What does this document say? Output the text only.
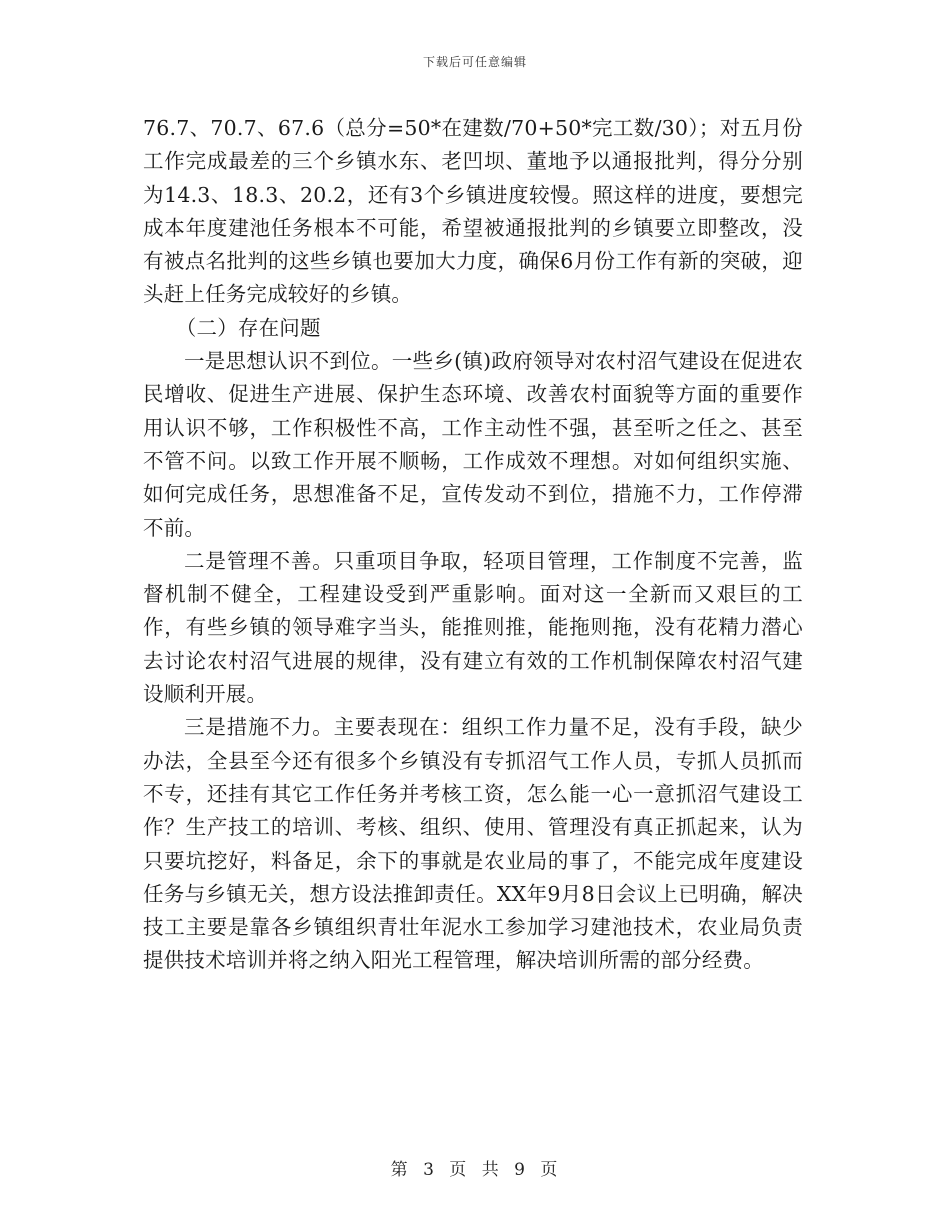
下载后可任意编辑

76.7、70.7、67.6（总分=50*在建数/70+50*完工数/30）；对五月份工作完成最差的三个乡镇水东、老凹坝、董地予以通报批判，得分分别为14.3、18.3、20.2，还有3个乡镇进度较慢。照这样的进度，要想完成本年度建池任务根本不可能，希望被通报批判的乡镇要立即整改，没有被点名批判的这些乡镇也要加大力度，确保6月份工作有新的突破，迎头赶上任务完成较好的乡镇。

（二）存在问题

一是思想认识不到位。一些乡(镇)政府领导对农村沼气建设在促进农民增收、促进生产进展、保护生态环境、改善农村面貌等方面的重要作用认识不够，工作积极性不高，工作主动性不强，甚至听之任之、甚至不管不问。以致工作开展不顺畅，工作成效不理想。对如何组织实施、如何完成任务，思想准备不足，宣传发动不到位，措施不力，工作停滞不前。

二是管理不善。只重项目争取，轻项目管理，工作制度不完善，监督机制不健全，工程建设受到严重影响。面对这一全新而又艰巨的工作，有些乡镇的领导难字当头，能推则推，能拖则拖，没有花精力潜心去讨论农村沼气进展的规律，没有建立有效的工作机制保障农村沼气建设顺利开展。

三是措施不力。主要表现在：组织工作力量不足，没有手段，缺少办法，全县至今还有很多个乡镇没有专抓沼气工作人员，专抓人员抓而不专，还挂有其它工作任务并考核工资，怎么能一心一意抓沼气建设工作？生产技工的培训、考核、组织、使用、管理没有真正抓起来，认为只要坑挖好，料备足，余下的事就是农业局的事了，不能完成年度建设任务与乡镇无关，想方设法推卸责任。XX年9月8日会议上已明确，解决技工主要是靠各乡镇组织青壮年泥水工参加学习建池技术，农业局负责提供技术培训并将之纳入阳光工程管理，解决培训所需的部分经费。

第 3 页 共 9 页
